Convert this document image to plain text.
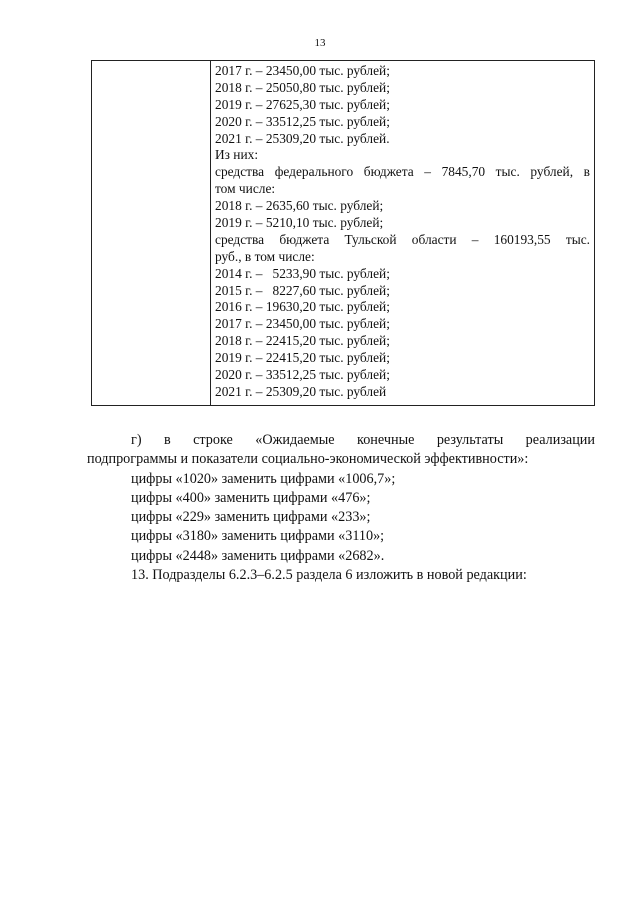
13
2017 г. – 23450,00 тыс. рублей;
2018 г. – 25050,80 тыс. рублей;
2019 г. – 27625,30 тыс. рублей;
2020 г. – 33512,25 тыс. рублей;
2021 г. – 25309,20 тыс. рублей.
Из них:
средства федерального бюджета – 7845,70 тыс. рублей, в
том числе:
2018 г. – 2635,60 тыс. рублей;
2019 г. – 5210,10 тыс. рублей;
средства бюджета Тульской области – 160193,55 тыс.
руб., в том числе:
2014 г. –   5233,90 тыс. рублей;
2015 г. –   8227,60 тыс. рублей;
2016 г. – 19630,20 тыс. рублей;
2017 г. – 23450,00 тыс. рублей;
2018 г. – 22415,20 тыс. рублей;
2019 г. – 22415,20 тыс. рублей;
2020 г. – 33512,25 тыс. рублей;
2021 г. – 25309,20 тыс. рублей
г) в строке «Ожидаемые конечные результаты реализации
подпрограммы и показатели социально-экономической эффективности»:
цифры «1020» заменить цифрами «1006,7»;
цифры «400» заменить цифрами «476»;
цифры «229» заменить цифрами «233»;
цифры «3180» заменить цифрами «3110»;
цифры «2448» заменить цифрами «2682».
13. Подразделы 6.2.3–6.2.5 раздела 6 изложить в новой редакции:
